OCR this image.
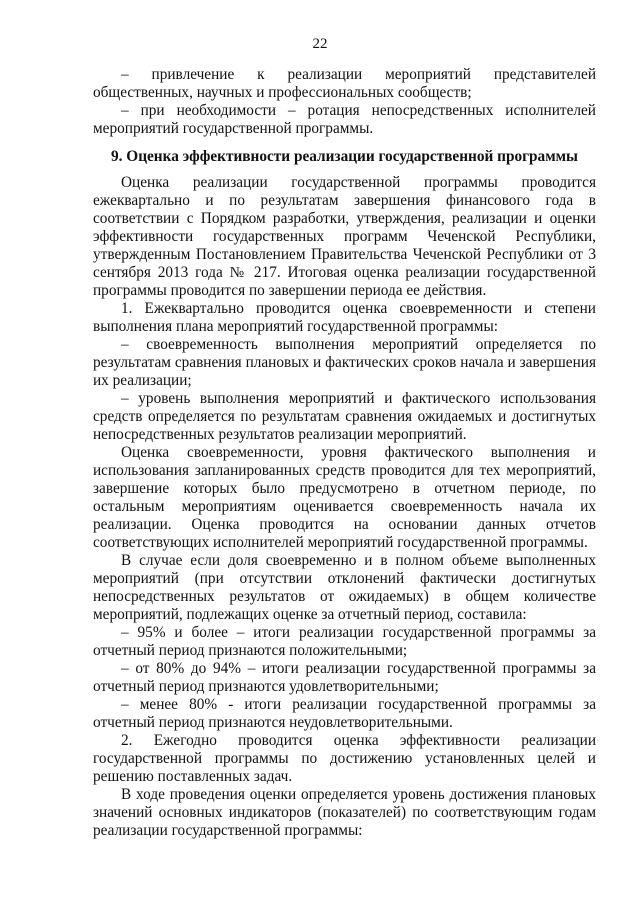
22

– привлечение к реализации мероприятий представителей общественных, научных и профессиональных сообществ;

– при необходимости – ротация непосредственных исполнителей мероприятий государственной программы.

9. Оценка эффективности реализации государственной программы

Оценка реализации государственной программы проводится ежеквартально и по результатам завершения финансового года в соответствии с Порядком разработки, утверждения, реализации и оценки эффективности государственных программ Чеченской Республики, утвержденным Постановлением Правительства Чеченской Республики от 3 сентября 2013 года № 217. Итоговая оценка реализации государственной программы проводится по завершении периода ее действия.

1. Ежеквартально проводится оценка своевременности и степени выполнения плана мероприятий государственной программы:

– своевременность выполнения мероприятий определяется по результатам сравнения плановых и фактических сроков начала и завершения их реализации;

– уровень выполнения мероприятий и фактического использования средств определяется по результатам сравнения ожидаемых и достигнутых непосредственных результатов реализации мероприятий.

Оценка своевременности, уровня фактического выполнения и использования запланированных средств проводится для тех мероприятий, завершение которых было предусмотрено в отчетном периоде, по остальным мероприятиям оценивается своевременность начала их реализации. Оценка проводится на основании данных отчетов соответствующих исполнителей мероприятий государственной программы.

В случае если доля своевременно и в полном объеме выполненных мероприятий (при отсутствии отклонений фактически достигнутых непосредственных результатов от ожидаемых) в общем количестве мероприятий, подлежащих оценке за отчетный период, составила:

– 95% и более – итоги реализации государственной программы за отчетный период признаются положительными;

– от 80% до 94% – итоги реализации государственной программы за отчетный период признаются удовлетворительными;

– менее 80% - итоги реализации государственной программы за отчетный период признаются неудовлетворительными.

2. Ежегодно проводится оценка эффективности реализации государственной программы по достижению установленных целей и решению поставленных задач.

В ходе проведения оценки определяется уровень достижения плановых значений основных индикаторов (показателей) по соответствующим годам реализации государственной программы:
